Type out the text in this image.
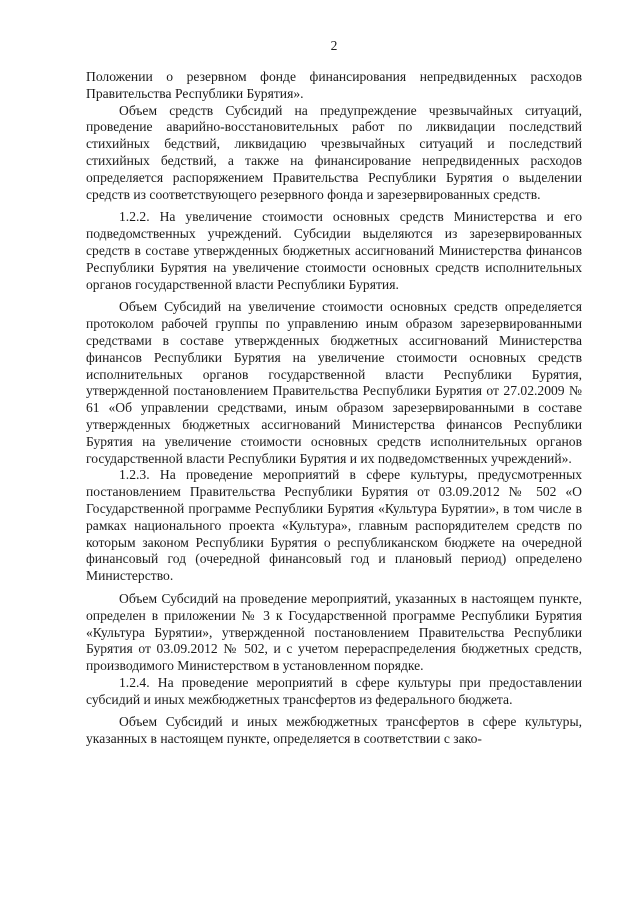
2

Положении о резервном фонде финансирования непредвиденных расходов Правительства Республики Бурятия».

Объем средств Субсидий на предупреждение чрезвычайных ситуаций, проведение аварийно-восстановительных работ по ликвидации последствий стихийных бедствий, ликвидацию чрезвычайных ситуаций и последствий стихийных бедствий, а также на финансирование непредвиденных расходов определяется распоряжением Правительства Республики Бурятия о выделении средств из соответствующего резервного фонда и зарезервированных средств.

1.2.2. На увеличение стоимости основных средств Министерства и его подведомственных учреждений. Субсидии выделяются из зарезервированных средств в составе утвержденных бюджетных ассигнований Министерства финансов Республики Бурятия на увеличение стоимости основных средств исполнительных органов государственной власти Республики Бурятия.

Объем Субсидий на увеличение стоимости основных средств определяется протоколом рабочей группы по управлению иным образом зарезервированными средствами в составе утвержденных бюджетных ассигнований Министерства финансов Республики Бурятия на увеличение стоимости основных средств исполнительных органов государственной власти Республики Бурятия, утвержденной постановлением Правительства Республики Бурятия от 27.02.2009 № 61 «Об управлении средствами, иным образом зарезервированными в составе утвержденных бюджетных ассигнований Министерства финансов Республики Бурятия на увеличение стоимости основных средств исполнительных органов государственной власти Республики Бурятия и их подведомственных учреждений».

1.2.3. На проведение мероприятий в сфере культуры, предусмотренных постановлением Правительства Республики Бурятия от 03.09.2012 № 502 «О Государственной программе Республики Бурятия «Культура Бурятии», в том числе в рамках национального проекта «Культура», главным распорядителем средств по которым законом Республики Бурятия о республиканском бюджете на очередной финансовый год (очередной финансовый год и плановый период) определено Министерство.

Объем Субсидий на проведение мероприятий, указанных в настоящем пункте, определен в приложении № 3 к Государственной программе Республики Бурятия «Культура Бурятии», утвержденной постановлением Правительства Республики Бурятия от 03.09.2012 № 502, и с учетом перераспределения бюджетных средств, производимого Министерством в установленном порядке.

1.2.4. На проведение мероприятий в сфере культуры при предоставлении субсидий и иных межбюджетных трансфертов из федерального бюджета.

Объем Субсидий и иных межбюджетных трансфертов в сфере культуры, указанных в настоящем пункте, определяется в соответствии с зако-
